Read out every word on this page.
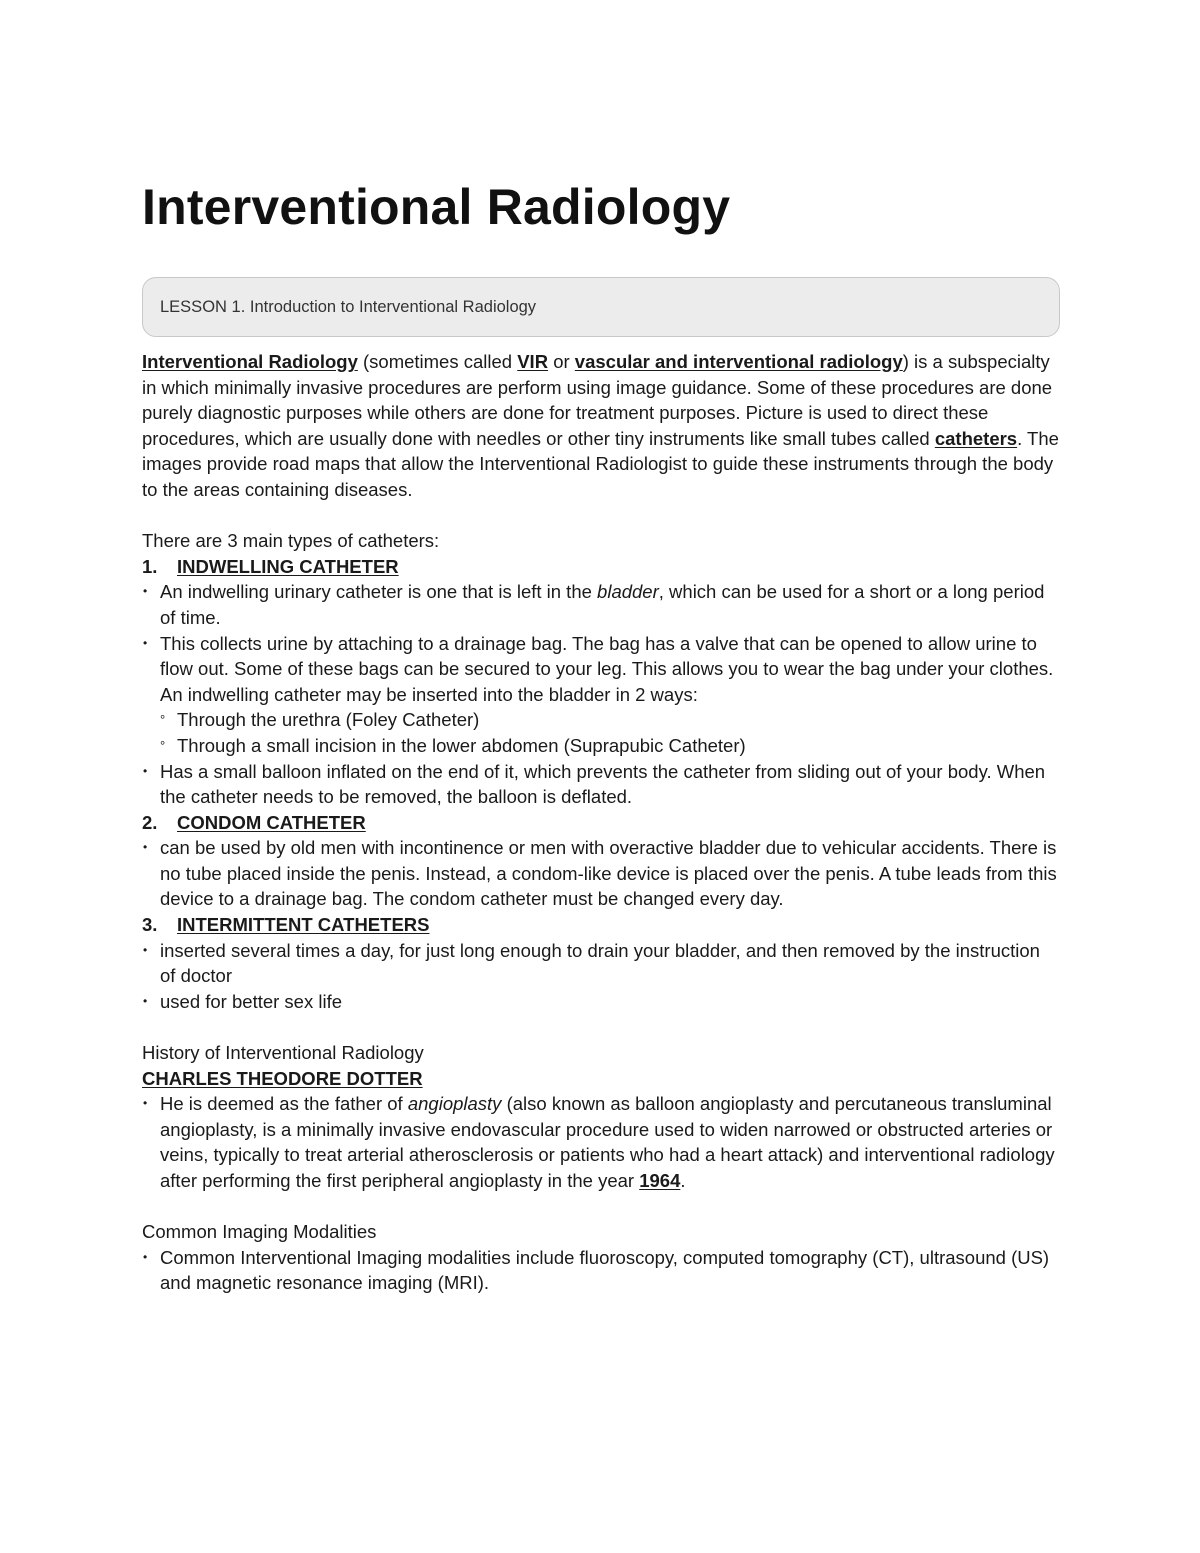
Interventional Radiology
LESSON 1. Introduction to Interventional Radiology

Interventional Radiology (sometimes called VIR or vascular and interventional radiology) is a subspecialty in which minimally invasive procedures are perform using image guidance. Some of these procedures are done purely diagnostic purposes while others are done for treatment purposes. Picture is used to direct these procedures, which are usually done with needles or other tiny instruments like small tubes called catheters. The images provide road maps that allow the Interventional Radiologist to guide these instruments through the body to the areas containing diseases.

There are 3 main types of catheters:

1.	INDWELLING CATHETER

• An indwelling urinary catheter is one that is left in the bladder, which can be used for a short or a long period of time.
• This collects urine by attaching to a drainage bag. The bag has a valve that can be opened to allow urine to flow out. Some of these bags can be secured to your leg. This allows you to wear the bag under your clothes. An indwelling catheter may be inserted into the bladder in 2 ways:
° Through the urethra (Foley Catheter)
° Through a small incision in the lower abdomen (Suprapubic Catheter)
• Has a small balloon inflated on the end of it, which prevents the catheter from sliding out of your body. When the catheter needs to be removed, the balloon is deflated.

2.	CONDOM CATHETER

• can be used by old men with incontinence or men with overactive bladder due to vehicular accidents. There is no tube placed inside the penis. Instead, a condom-like device is placed over the penis. A tube leads from this device to a drainage bag. The condom catheter must be changed every day.

3.	INTERMITTENT CATHETERS

• inserted several times a day, for just long enough to drain your bladder, and then removed by the instruction of doctor
• used for better sex life

History of Interventional Radiology

CHARLES THEODORE DOTTER

• He is deemed as the father of angioplasty (also known as balloon angioplasty and percutaneous transluminal angioplasty, is a minimally invasive endovascular procedure used to widen narrowed or obstructed arteries or veins, typically to treat arterial atherosclerosis or patients who had a heart attack) and interventional radiology after performing the first peripheral angioplasty in the year 1964.

Common Imaging Modalities

• Common Interventional Imaging modalities include fluoroscopy, computed tomography (CT), ultrasound (US) and magnetic resonance imaging (MRI).
